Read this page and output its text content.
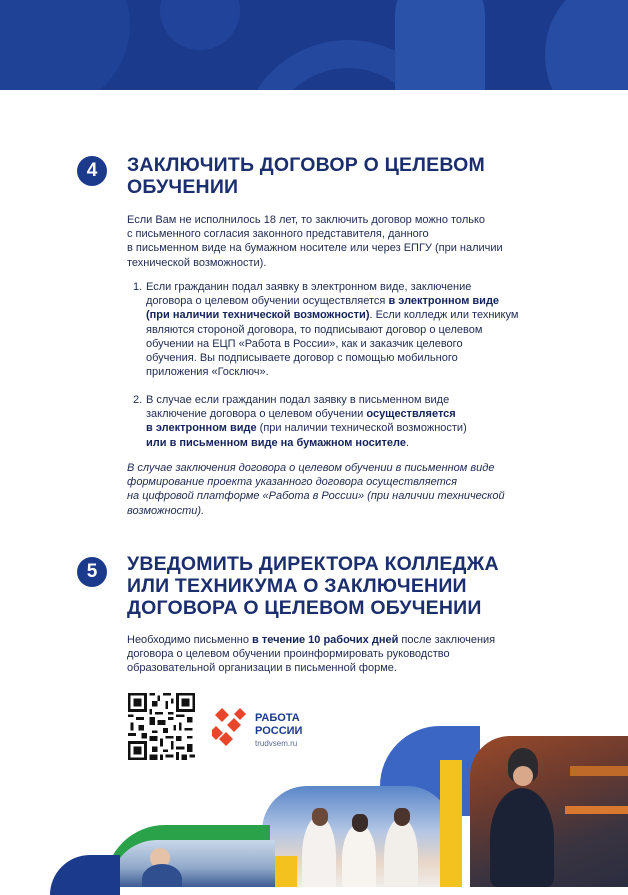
4	ЗАКЛЮЧИТЬ ДОГОВОР О ЦЕЛЕВОМ
ОБУЧЕНИИ
Если Вам не исполнилось 18 лет, то заключить договор можно только
с письменного согласия законного представителя, данного
в письменном виде на бумажном носителе или через ЕПГУ (при наличии
технической возможности).
1. Если гражданин подал заявку в электронном виде, заключение
договора о целевом обучении осуществляется в электронном виде
(при наличии технической возможности). Если колледж или техникум
являются стороной договора, то подписывают договор о целевом
обучении на ЕЦП «Работа в России», как и заказчик целевого
обучения. Вы подписываете договор с помощью мобильного
приложения «Госключ».
2. В случае если гражданин подал заявку в письменном виде
заключение договора о целевом обучении осуществляется
в электронном виде (при наличии технической возможности)
или в письменном виде на бумажном носителе.
В случае заключения договора о целевом обучении в письменном виде
формирование проекта указанного договора осуществляется
на цифровой платформе «Работа в России» (при наличии технической
возможности).
5	УВЕДОМИТЬ ДИРЕКТОРА КОЛЛЕДЖА
ИЛИ ТЕХНИКУМА О ЗАКЛЮЧЕНИИ
ДОГОВОРА О ЦЕЛЕВОМ ОБУЧЕНИИ
Необходимо письменно в течение 10 рабочих дней после заключения
договора о целевом обучении проинформировать руководство
образовательной организации в письменной форме.
РАБОТА
РОССИИ
trudvsem.ru
